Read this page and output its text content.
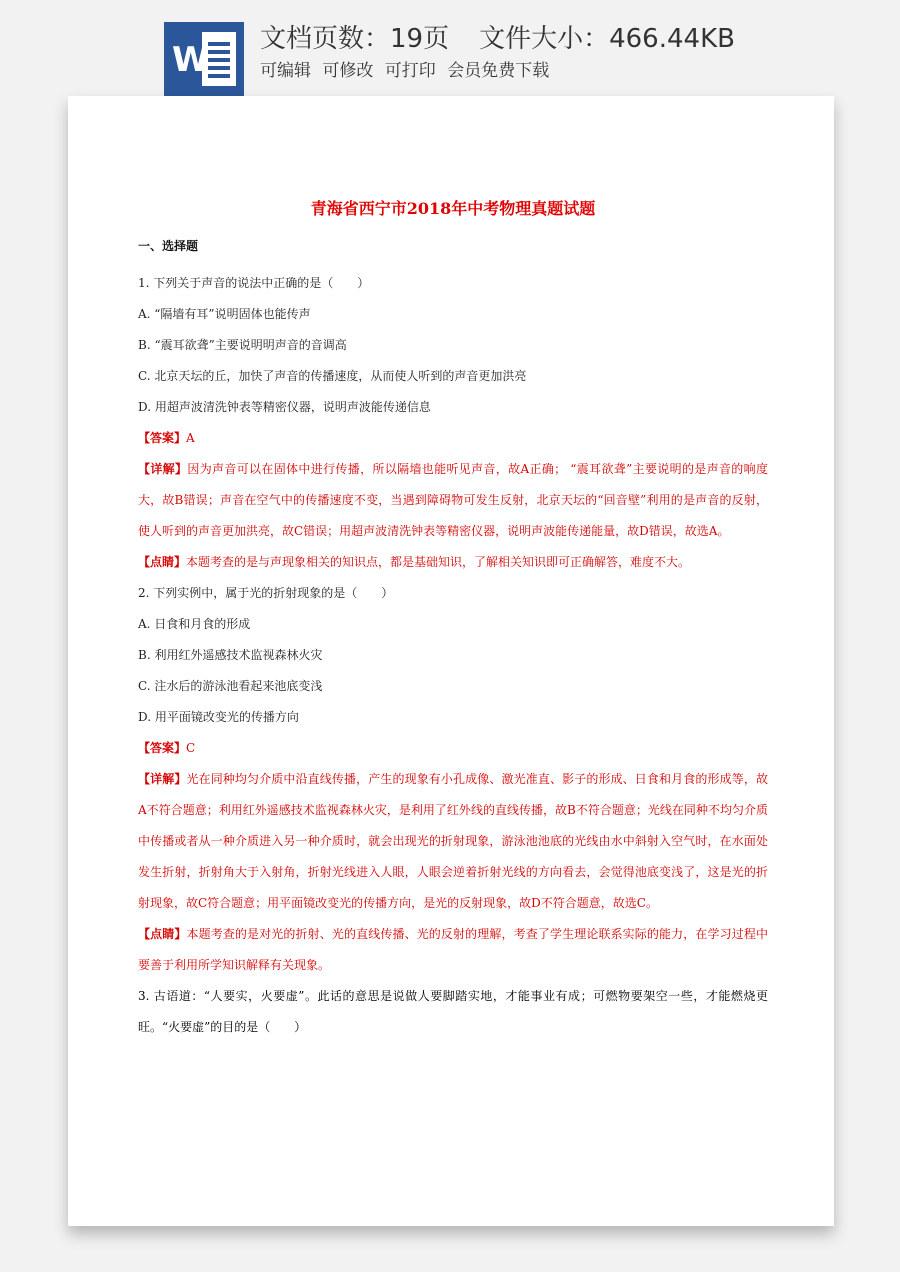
W
文档页数：19页 文件大小：466.44KB
可编辑 可修改 可打印 会员免费下载

青海省西宁市2018年中考物理真题试题

一、选择题

1. 下列关于声音的说法中正确的是（　　）

A. “隔墙有耳”说明固体也能传声

B. “震耳欲聋”主要说明明声音的音调高

C. 北京天坛的丘，加快了声音的传播速度，从而使人听到的声音更加洪亮

D. 用超声波清洗钟表等精密仪器，说明声波能传递信息

【答案】A

【详解】因为声音可以在固体中进行传播，所以隔墙也能听见声音，故A正确； “震耳欲聋”主要说明的是声音的响度大，故B错误；声音在空气中的传播速度不变，当遇到障碍物可发生反射，北京天坛的“回音壁”利用的是声音的反射，使人听到的声音更加洪亮，故C错误；用超声波清洗钟表等精密仪器，说明声波能传递能量，故D错误，故选A。

【点睛】本题考查的是与声现象相关的知识点，都是基础知识，了解相关知识即可正确解答，难度不大。

2. 下列实例中，属于光的折射现象的是（　　）

A. 日食和月食的形成

B. 利用红外遥感技术监视森林火灾

C. 注水后的游泳池看起来池底变浅

D. 用平面镜改变光的传播方向

【答案】C

【详解】光在同种均匀介质中沿直线传播，产生的现象有小孔成像、激光准直、影子的形成、日食和月食的形成等，故A不符合题意；利用红外遥感技术监视森林火灾，是利用了红外线的直线传播，故B不符合题意；光线在同种不均匀介质中传播或者从一种介质进入另一种介质时，就会出现光的折射现象，游泳池池底的光线由水中斜射入空气时，在水面处发生折射，折射角大于入射角，折射光线进入人眼，人眼会逆着折射光线的方向看去，会觉得池底变浅了，这是光的折射现象，故C符合题意；用平面镜改变光的传播方向，是光的反射现象，故D不符合题意，故选C。

【点睛】本题考查的是对光的折射、光的直线传播、光的反射的理解，考查了学生理论联系实际的能力，在学习过程中要善于利用所学知识解释有关现象。

3. 古语道：“人要实，火要虚”。此话的意思是说做人要脚踏实地，才能事业有成；可燃物要架空一些，才能燃烧更旺。“火要虚”的目的是（　　）
